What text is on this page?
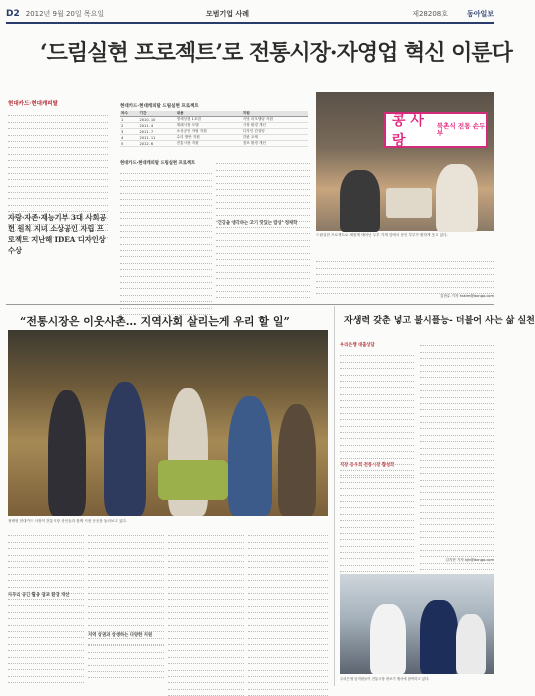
D2 2012년 9월 20일 목요일	모범기업 사례	제28208호	동아일보
‘드림실현 프로젝트’로 전통시장·자영업 혁신 이룬다
현대카드·현대캐피탈
자랑·자존·재능기부 3대 사회공헌 원칙 지녀 소상공인 자립 프로젝트 지난해 IDEA 디자인상 수상
현대카드·현대캐피탈 드림실현 프로젝트
차수	기간	내용	지원
1	2010. 10	영세상점 1호점	식당 리모델링 지원
2	2011. 4	재래시장 모델	시장 환경 개선
3	2011. 7	소상공인 자립 지원	디자인 컨설팅
4	2011. 11	수리 방안 지원	간판 교체
5	2012. 6	전통시장 지원	점포 환경 개선
현대카드·현대캐피탈 드림실현 프로젝트
‘건강을 생각하는 고기 맛있는 밥상’ 정재학
콩 사랑
북촌식 전통 손두부
드림실현 프로젝트로 새롭게 태어난 두부 가게 앞에서 상인 부부가 환하게 웃고 있다.
김현수 기자 hskim@donga.com
“전통시장은 이웃사촌… 지역사회 살리는게 우리 할 일”
정태영 현대카드 사장이 전통시장 상인들과 함께 시장 곳곳을 둘러보고 있다.
자투리 공간 활용 점포 환경 개선
지역 상권과 상생하는 다양한 지원
자생력 갖춘 넣고 불시플능- 더불어 사는 삶 실천
우리은행 대출상담
직장 동우회 전통시장 활성화
김지현 기자 kjh@donga.com
우리은행 임직원들이 전통시장 장보기 행사에 참여하고 있다.
